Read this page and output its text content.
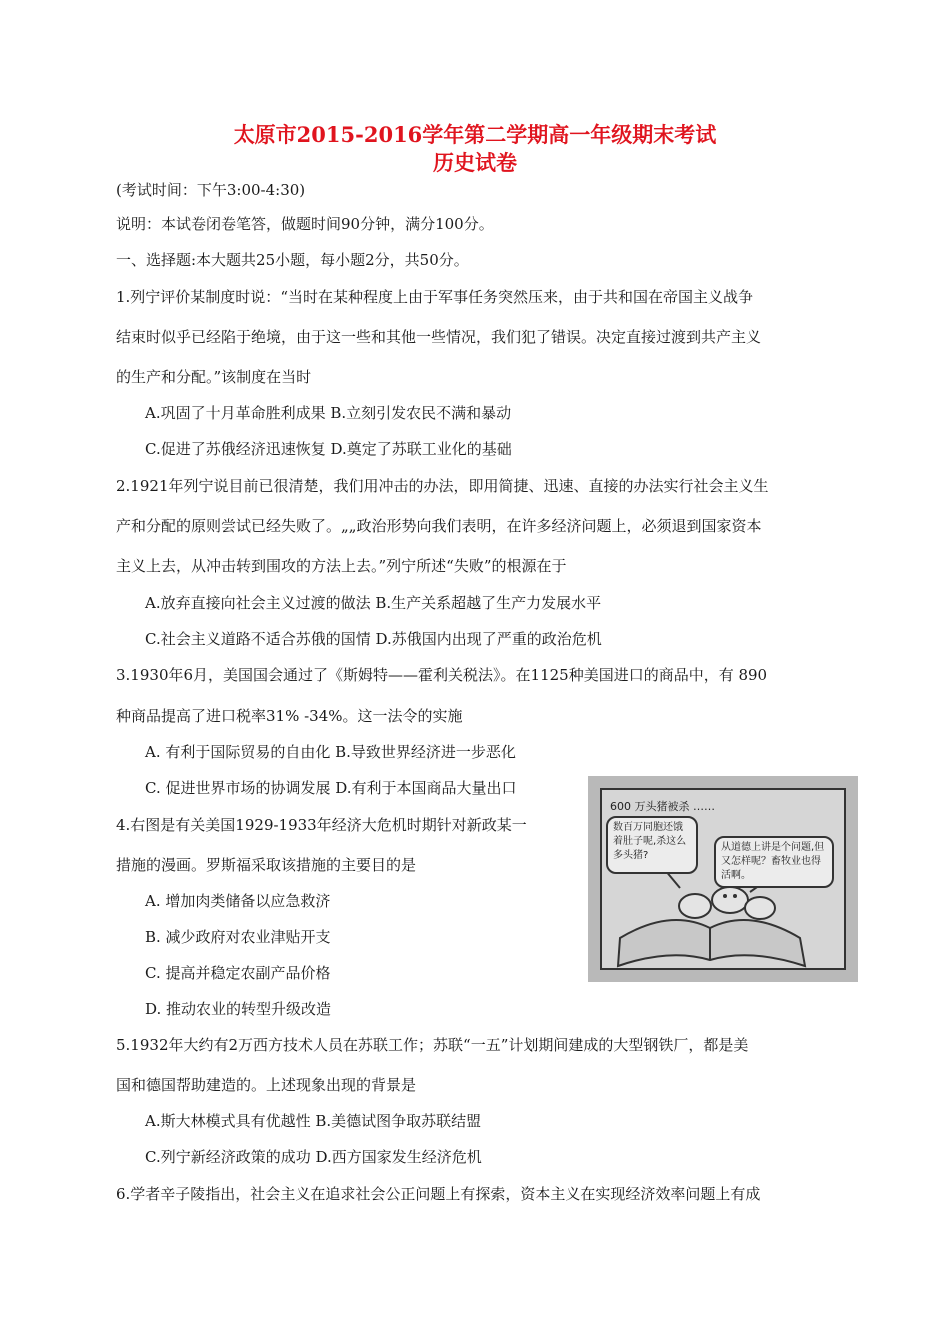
太原市2015-2016学年第二学期高一年级期末考试
历史试卷
(考试时间：下午3:00-4:30)
说明：本试卷闭卷笔答，做题时间90分钟，满分100分。
一、选择题:本大题共25小题，每小题2分，共50分。
1.列宁评价某制度时说：“当时在某种程度上由于军事任务突然压来，由于共和国在帝国主义战争
结束时似乎已经陷于绝境，由于这一些和其他一些情况，我们犯了错误。决定直接过渡到共产主义
的生产和分配。”该制度在当时
A.巩固了十月革命胜利成果 B.立刻引发农民不满和暴动
C.促进了苏俄经济迅速恢复 D.奠定了苏联工业化的基础
2.1921年列宁说目前已很清楚，我们用冲击的办法，即用简捷、迅速、直接的办法实行社会主义生
产和分配的原则尝试已经失败了。„„政治形势向我们表明，在许多经济问题上，必须退到国家资本
主义上去，从冲击转到围攻的方法上去。”列宁所述“失败”的根源在于
A.放弃直接向社会主义过渡的做法 B.生产关系超越了生产力发展水平
C.社会主义道路不适合苏俄的国情 D.苏俄国内出现了严重的政治危机
3.1930年6月，美国国会通过了《斯姆特——霍利关税法》。在1125种美国进口的商品中，有 890
种商品提高了进口税率31% -34%。这一法令的实施
A. 有利于国际贸易的自由化 B.导致世界经济进一步恶化
C. 促进世界市场的协调发展 D.有利于本国商品大量出口
4.右图是有关美国1929-1933年经济大危机时期针对新政某一
措施的漫画。罗斯福采取该措施的主要目的是
A. 增加肉类储备以应急救济
B. 减少政府对农业津贴开支
C. 提高并稳定农副产品价格
D. 推动农业的转型升级改造
600 万头猪被杀 ……
数百万同胞还饿着肚子呢,杀这么多头猪?
从道德上讲是个问题,但又怎样呢？畜牧业也得活啊。
5.1932年大约有2万西方技术人员在苏联工作；苏联“一五”计划期间建成的大型钢铁厂，都是美
国和德国帮助建造的。上述现象出现的背景是
A.斯大林模式具有优越性 B.美德试图争取苏联结盟
C.列宁新经济政策的成功 D.西方国家发生经济危机
6.学者辛子陵指出，社会主义在追求社会公正问题上有探索，资本主义在实现经济效率问题上有成
